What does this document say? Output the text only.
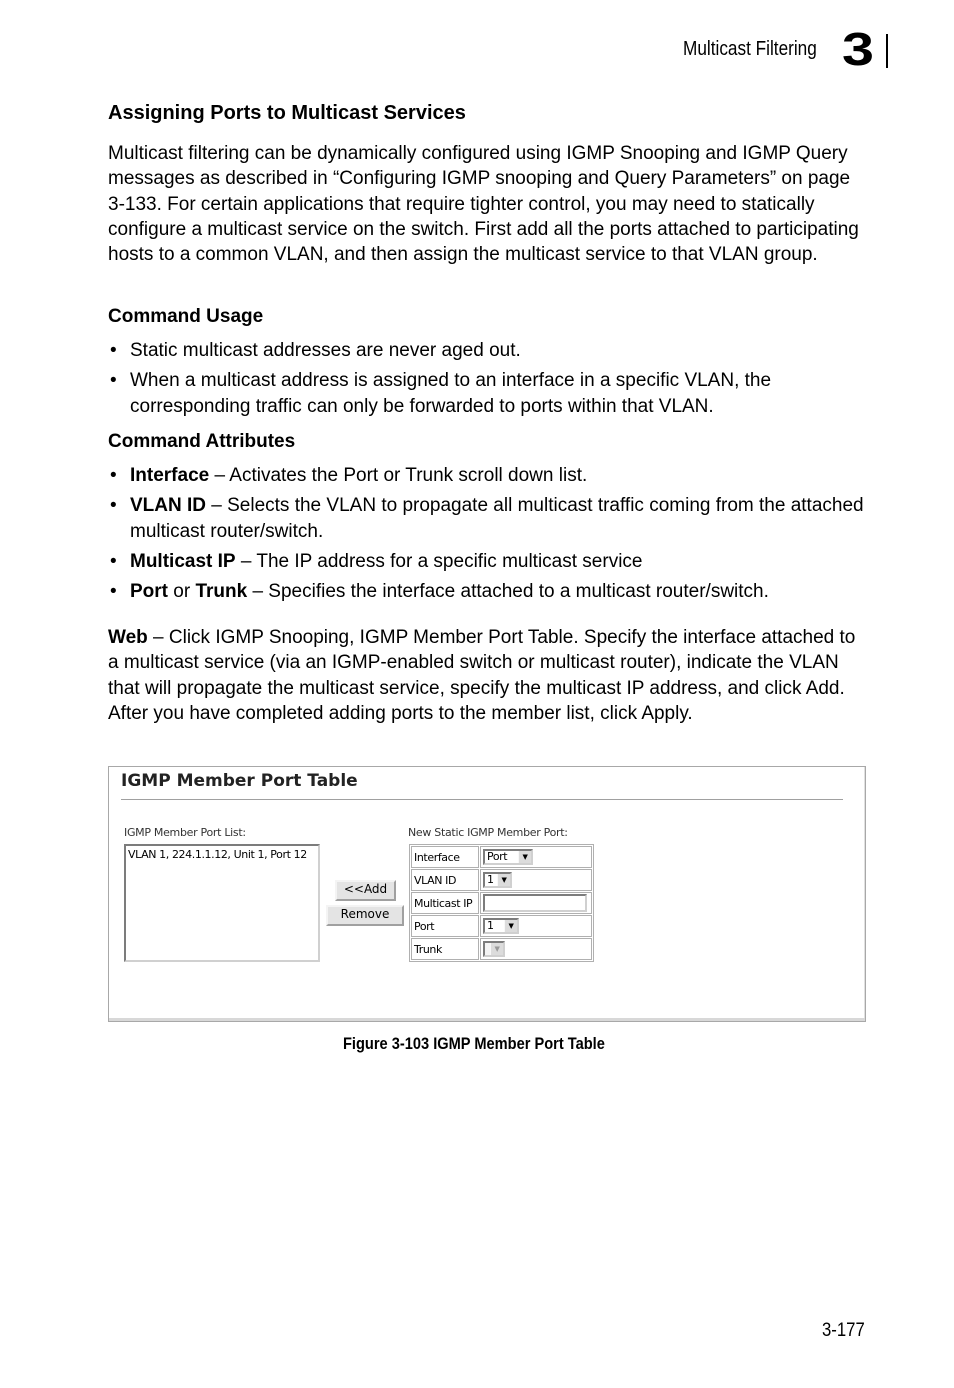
Multicast Filtering 3
Assigning Ports to Multicast Services

Multicast filtering can be dynamically configured using IGMP Snooping and IGMP Query messages as described in “Configuring IGMP snooping and Query Parameters” on page 3-133. For certain applications that require tighter control, you may need to statically configure a multicast service on the switch. First add all the ports attached to participating hosts to a common VLAN, and then assign the multicast service to that VLAN group.

Command Usage
• Static multicast addresses are never aged out.
• When a multicast address is assigned to an interface in a specific VLAN, the corresponding traffic can only be forwarded to ports within that VLAN.
Command Attributes
• Interface – Activates the Port or Trunk scroll down list.
• VLAN ID – Selects the VLAN to propagate all multicast traffic coming from the attached multicast router/switch.
• Multicast IP – The IP address for a specific multicast service
• Port or Trunk – Specifies the interface attached to a multicast router/switch.

Web – Click IGMP Snooping, IGMP Member Port Table. Specify the interface attached to a multicast service (via an IGMP-enabled switch or multicast router), indicate the VLAN that will propagate the multicast service, specify the multicast IP address, and click Add. After you have completed adding ports to the member list, click Apply.

IGMP Member Port Table
IGMP Member Port List:
VLAN 1, 224.1.1.12, Unit 1, Port 12
<<Add
Remove
New Static IGMP Member Port:
Interface	Port ▼

VLAN ID	1 ▼

Multicast IP	
Port	1 ▼

Trunk	▼
Figure 3-103 IGMP Member Port Table
3-177
